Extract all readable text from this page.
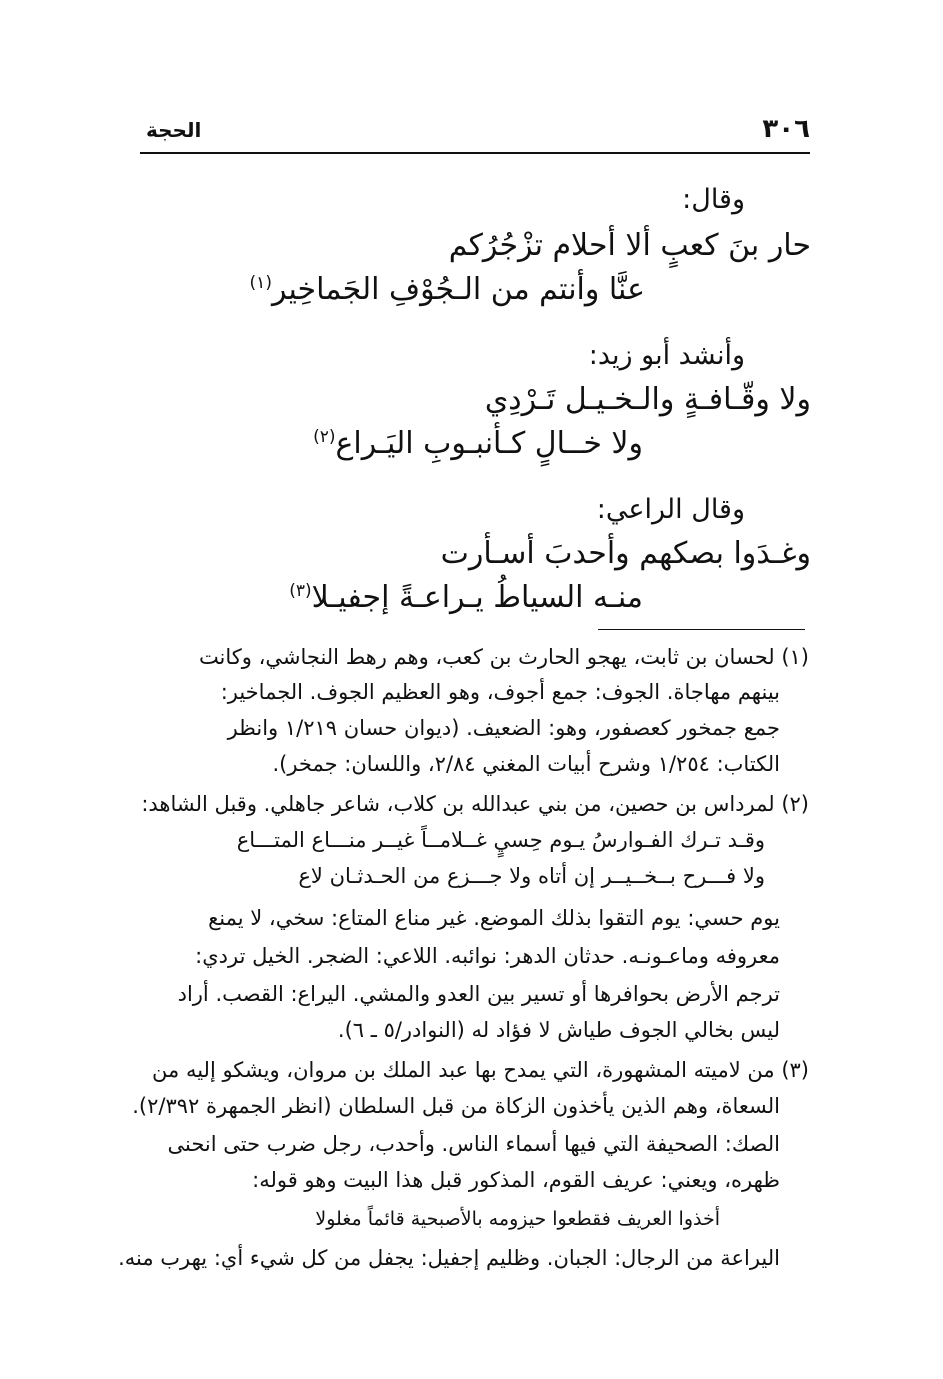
٣٠٦
الحجة
وقال:
حار بنَ كعبٍ ألا أحلام تزْجُرُكم
عنَّا وأنتم من الـجُوْفِ الجَماخِير$^{(١)}$
وأنشد أبو زيد:
ولا وقّـافـةٍ والـخـيـل تَـرْدِي
ولا خــالٍ كـأنبـوبِ اليَـراع$^{(٢)}$
وقال الراعي:
وغـدَوا بصكهم وأحدبَ أسـأرت
منـه السياطُ يـراعـةً إجفيـلا$^{(٣)}$
(١) لحسان بن ثابت، يهجو الحارث بن كعب، وهم رهط النجاشي، وكانت
بينهم مهاجاة. الجوف: جمع أجوف، وهو العظيم الجوف. الجماخير:
جمع جمخور كعصفور، وهو: الضعيف. (ديوان حسان ١/٢١٩ وانظر
الكتاب: ١/٢٥٤ وشرح أبيات المغني ٢/٨٤، واللسان: جمخر).
(٢) لمرداس بن حصين، من بني عبدالله بن كلاب، شاعر جاهلي. وقبل الشاهد:
وقـد تـرك الفـوارسُ يـوم حِسيٍ غــلامــاً غيــر منـــاع المتـــاع
ولا فـــرح بــخــيــر إن أتاه ولا جـــزع من الحـدثـان لاع
يوم حسي: يوم التقوا بذلك الموضع. غير مناع المتاع: سخي، لا يمنع
معروفه وماعـونـه. حدثان الدهر: نوائبه. اللاعي: الضجر. الخيل تردي:
ترجم الأرض بحوافرها أو تسير بين العدو والمشي. اليراع: القصب. أراد
ليس بخالي الجوف طياش لا فؤاد له (النوادر/٥ ـ ٦).
(٣) من لاميته المشهورة، التي يمدح بها عبد الملك بن مروان، ويشكو إليه من
السعاة، وهم الذين يأخذون الزكاة من قبل السلطان (انظر الجمهرة ٢/٣٩٢).
الصك: الصحيفة التي فيها أسماء الناس. وأحدب، رجل ضرب حتى انحنى
ظهره، ويعني: عريف القوم، المذكور قبل هذا البيت وهو قوله:
أخذوا العريف فقطعوا حيزومه بالأصبحية قائماً مغلولا
اليراعة من الرجال: الجبان. وظليم إجفيل: يجفل من كل شيء أي: يهرب منه.
